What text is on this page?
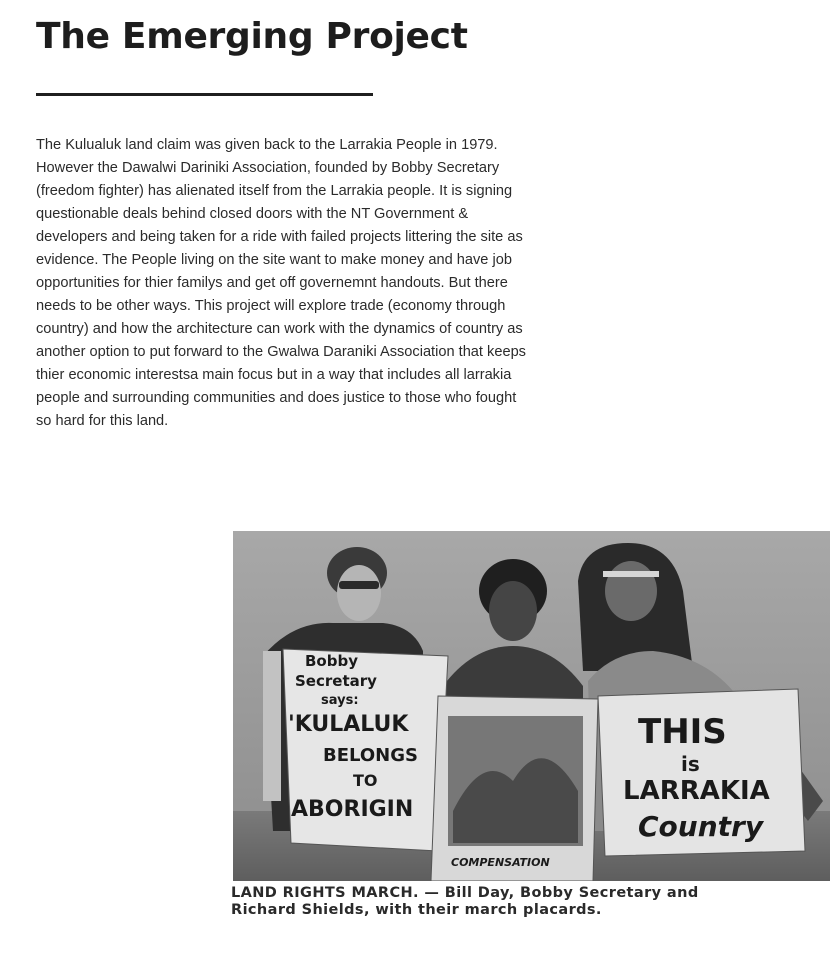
The Emerging Project

The Kulualuk land claim was given back to the Larrakia People in 1979.
However the Dawalwi Dariniki Association, founded by Bobby Secretary
(freedom fighter) has alienated itself from the Larrakia people. It is signing
questionable deals behind closed doors with the NT Government &
developers and being taken for a ride with failed projects littering the site as
evidence. The People living on the site want to make money and have job
opportunities for thier familys and get off governemnt handouts. But there
needs to be other ways. This project will explore trade (economy through
country) and how the architecture can work with the dynamics of country as
another option to put forward to the Gwalwa Daraniki Association that keeps
thier economic interestsa main focus but in a way that includes all larrakia
people and surrounding communities and does justice to those who fought
so hard for this land.

Bobby
Secretary
says:
'KULALUK
BELONGS
TO
ABORIGIN
COMPENSATION
THIS
is
LARRAKIA
Country
LAND RIGHTS MARCH. — Bill Day, Bobby Secretary and
Richard Shields, with their march placards.
